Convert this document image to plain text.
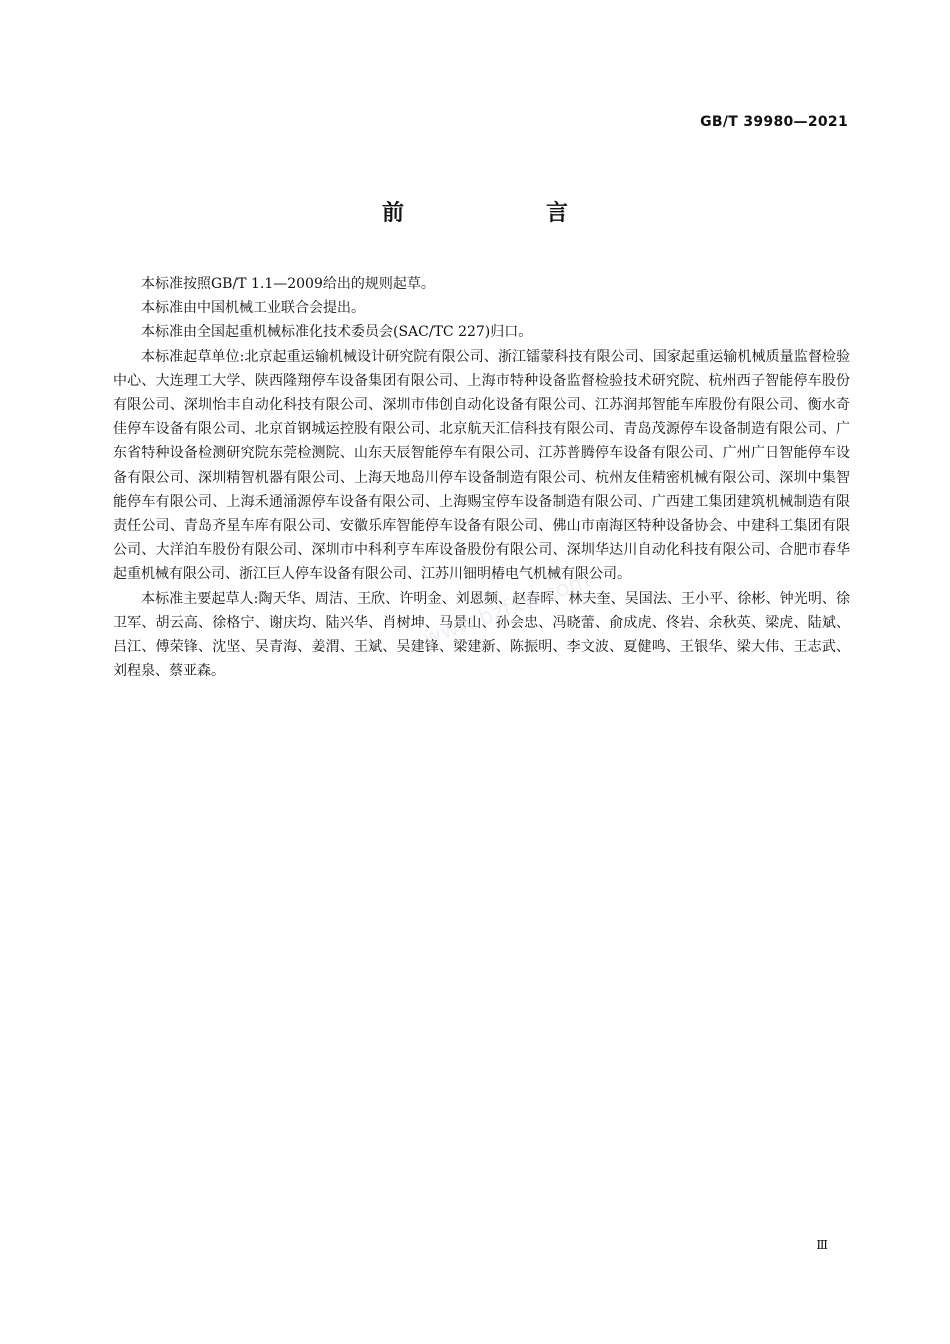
GB/T 39980—2021
前　言

本标准按照GB/T 1.1—2009给出的规则起草。

本标准由中国机械工业联合会提出。

本标准由全国起重机械标准化技术委员会(SAC/TC 227)归口。

本标准起草单位:北京起重运输机械设计研究院有限公司、浙江镭蒙科技有限公司、国家起重运输机械质量监督检验中心、大连理工大学、陕西隆翔停车设备集团有限公司、上海市特种设备监督检验技术研究院、杭州西子智能停车股份有限公司、深圳怡丰自动化科技有限公司、深圳市伟创自动化设备有限公司、江苏润邦智能车库股份有限公司、衡水奇佳停车设备有限公司、北京首钢城运控股有限公司、北京航天汇信科技有限公司、青岛茂源停车设备制造有限公司、广东省特种设备检测研究院东莞检测院、山东天辰智能停车有限公司、江苏普腾停车设备有限公司、广州广日智能停车设备有限公司、深圳精智机器有限公司、上海天地岛川停车设备制造有限公司、杭州友佳精密机械有限公司、深圳中集智能停车有限公司、上海禾通涌源停车设备有限公司、上海赐宝停车设备制造有限公司、广西建工集团建筑机械制造有限责任公司、青岛齐星车库有限公司、安徽乐库智能停车设备有限公司、佛山市南海区特种设备协会、中建科工集团有限公司、大洋泊车股份有限公司、深圳市中科利亨车库设备股份有限公司、深圳华达川自动化科技有限公司、合肥市春华起重机械有限公司、浙江巨人停车设备有限公司、江苏川钿明椿电气机械有限公司。

本标准主要起草人:陶天华、周洁、王欣、许明金、刘恩频、赵春晖、林夫奎、吴国法、王小平、徐彬、钟光明、徐卫军、胡云高、徐格宁、谢庆均、陆兴华、肖树坤、马景山、孙会忠、冯晓蕾、俞成虎、佟岩、余秋英、梁虎、陆斌、吕江、傅荣锋、沈坚、吴青海、姜渭、王斌、吴建锋、梁建新、陈振明、李文波、夏健鸣、王银华、梁大伟、王志武、刘程泉、蔡亚森。

www.bzfxw.com
Ⅲ
